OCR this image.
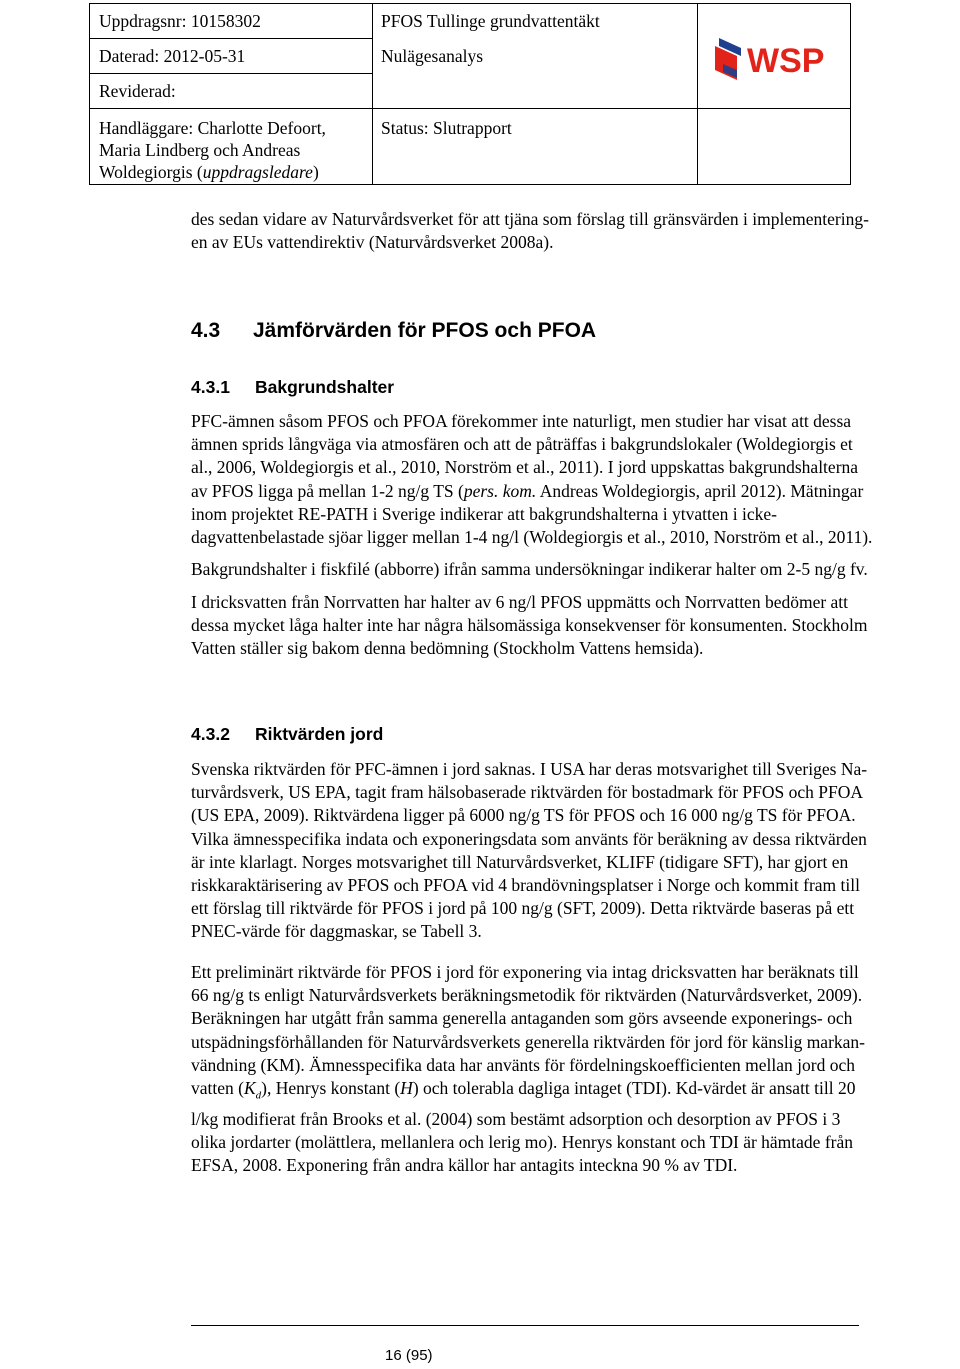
Uppdragsnr: 10158302
Daterad: 2012-05-31
Reviderad:
Handläggare: Charlotte Defoort,
Maria Lindberg och Andreas
Woldegiorgis (uppdragsledare)
PFOS Tullinge grundvattentäkt
Nulägesanalys
Status: Slutrapport
WSP

des sedan vidare av Naturvårdsverket för att tjäna som förslag till gränsvärden i implementering-
en av EUs vattendirektiv (Naturvårdsverket 2008a).

4.3 Jämförvärden för PFOS och PFOA
4.3.1 Bakgrundshalter

PFC-ämnen såsom PFOS och PFOA förekommer inte naturligt, men studier har visat att dessa
ämnen sprids långväga via atmosfären och att de påträffas i bakgrundslokaler (Woldegiorgis et
al., 2006, Woldegiorgis et al., 2010, Norström et al., 2011). I jord uppskattas bakgrundshalterna
av PFOS ligga på mellan 1-2 ng/g TS (pers. kom. Andreas Woldegiorgis, april 2012). Mätningar
inom projektet RE-PATH i Sverige indikerar att bakgrundshalterna i ytvatten i icke-
dagvattenbelastade sjöar ligger mellan 1-4 ng/l (Woldegiorgis et al., 2010, Norström et al., 2011).

Bakgrundshalter i fiskfilé (abborre) ifrån samma undersökningar indikerar halter om 2-5 ng/g fv.

I dricksvatten från Norrvatten har halter av 6 ng/l PFOS uppmätts och Norrvatten bedömer att
dessa mycket låga halter inte har några hälsomässiga konsekvenser för konsumenten. Stockholm
Vatten ställer sig bakom denna bedömning (Stockholm Vattens hemsida).

4.3.2 Riktvärden jord

Svenska riktvärden för PFC-ämnen i jord saknas. I USA har deras motsvarighet till Sveriges Na-
turvårdsverk, US EPA, tagit fram hälsobaserade riktvärden för bostadmark för PFOS och PFOA
(US EPA, 2009). Riktvärdena ligger på 6000 ng/g TS för PFOS och 16 000 ng/g TS för PFOA.
Vilka ämnesspecifika indata och exponeringsdata som använts för beräkning av dessa riktvärden
är inte klarlagt. Norges motsvarighet till Naturvårdsverket, KLIFF (tidigare SFT), har gjort en
riskkaraktärisering av PFOS och PFOA vid 4 brandövningsplatser i Norge och kommit fram till
ett förslag till riktvärde för PFOS i jord på 100 ng/g (SFT, 2009). Detta riktvärde baseras på ett
PNEC-värde för daggmaskar, se Tabell 3.

Ett preliminärt riktvärde för PFOS i jord för exponering via intag dricksvatten har beräknats till
66 ng/g ts enligt Naturvårdsverkets beräkningsmetodik för riktvärden (Naturvårdsverket, 2009).
Beräkningen har utgått från samma generella antaganden som görs avseende exponerings- och
utspädningsförhållanden för Naturvårdsverkets generella riktvärden för jord för känslig markan-
vändning (KM). Ämnesspecifika data har använts för fördelningskoefficienten mellan jord och
vatten $(K_d)$, Henrys konstant (H) och tolerabla dagliga intaget (TDI). Kd-värdet är ansatt till 20
l/kg modifierat från Brooks et al. (2004) som bestämt adsorption och desorption av PFOS i 3
olika jordarter (molättlera, mellanlera och lerig mo). Henrys konstant och TDI är hämtade från
EFSA, 2008. Exponering från andra källor har antagits inteckna 90 % av TDI.

16 (95)
